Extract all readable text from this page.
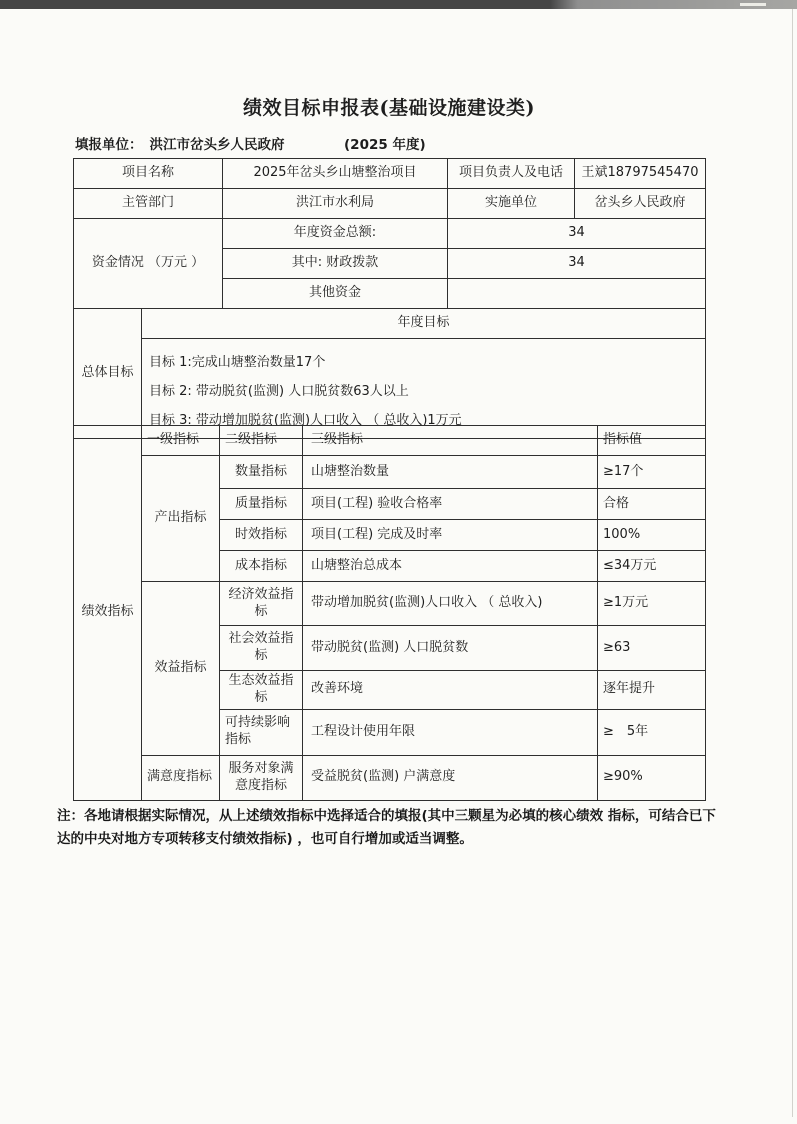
绩效目标申报表(基础设施建设类)
填报单位： 洪江市岔头乡人民政府	(2025 年度)
项目名称	2025年岔头乡山塘整治项目	项目负责人及电话	王斌18797545470
主管部门	洪江市水利局	实施单位	岔头乡人民政府
资金情况 （万元 ）	年度资金总额:	34	
	其中: 财政拨款	34	
	其他资金		
总体目标	年度目标

目标 1:完成山塘整治数量17个
目标 2: 带动脱贫(监测) 人口脱贫数63人以上
目标 3: 带动增加脱贫(监测)人口收入 （ 总收入)1万元
绩效指标	一级指标	二级指标	三级指标	指标值
	产出指标	数量指标	山塘整治数量	≥17个
		质量指标	项目(工程) 验收合格率	合格
		时效指标	项目(工程) 完成及时率	100%
		成本指标	山塘整治总成本	≤34万元
	效益指标	经济效益指标	带动增加脱贫(监测)人口收入 （ 总收入)	≥1万元
		社会效益指标	带动脱贫(监测) 人口脱贫数	≥63
		生态效益指标	改善环境	逐年提升
		可持续影响指标	工程设计使用年限	≥　5年
	满意度指标	服务对象满意度指标	受益脱贫(监测) 户满意度	≥90%

注：各地请根据实际情况，从上述绩效指标中选择适合的填报(其中三颗星为必填的核心绩效 指标，可结合已下达的中央对地方专项转移支付绩效指标) ，也可自行增加或适当调整。
